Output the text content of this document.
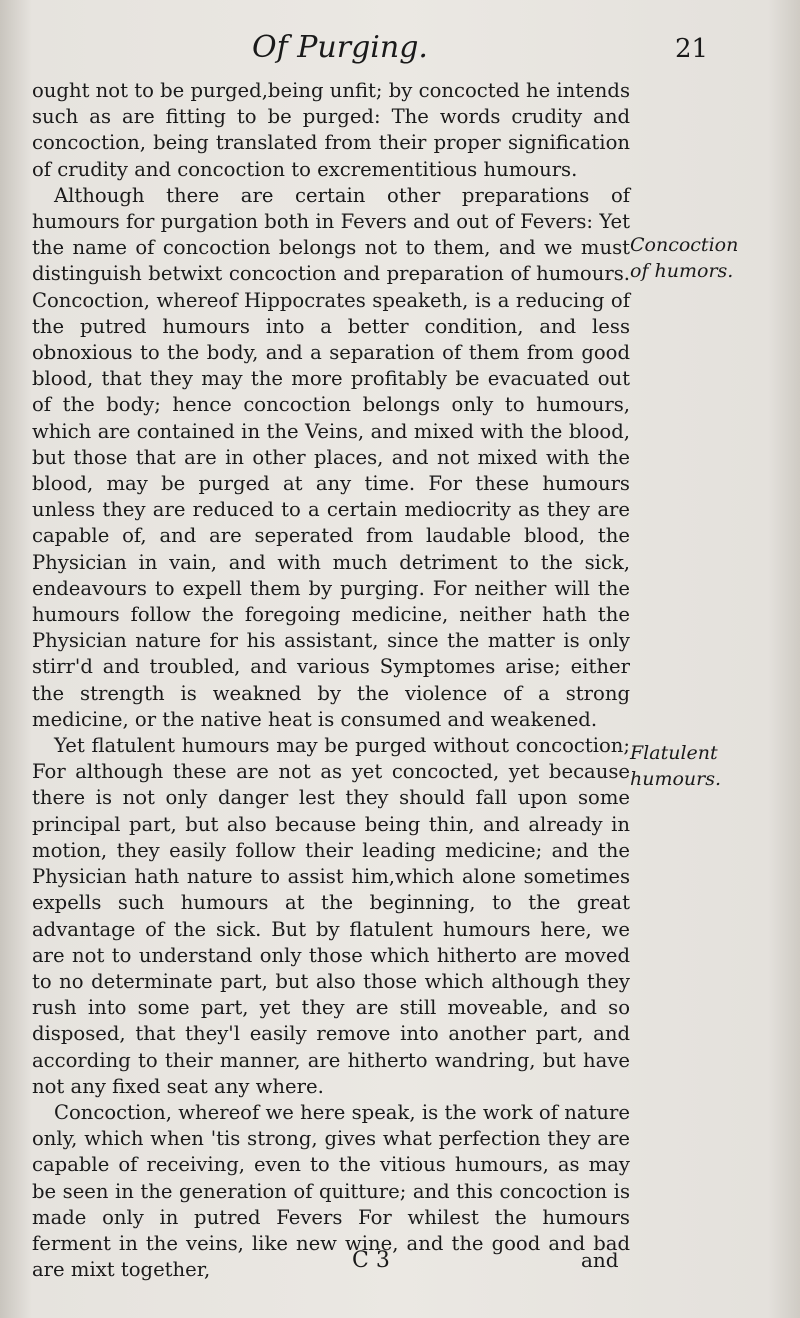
Of Purging.	21

ought not to be purged,being unfit; by concocted he intends such as are fitting to be purged: The words crudity and concoction, being translated from their proper signification of crudity and concoction to excrementitious humours.

Although there are certain other preparations of humours for purgation both in Fevers and out of Fevers: Yet the name of concoction belongs not to them, and we must distinguish betwixt concoction and preparation of humours. Concoction, whereof Hippocrates speaketh, is a reducing of the putred humours into a better condition, and less obnoxious to the body, and a separation of them from good blood, that they may the more profitably be evacuated out of the body; hence concoction belongs only to humours, which are contained in the Veins, and mixed with the blood, but those that are in other places, and not mixed with the blood, may be purged at any time. For these humours unless they are reduced to a certain mediocrity as they are capable of, and are seperated from laudable blood, the Physician in vain, and with much detriment to the sick, endeavours to expell them by purging. For neither will the humours follow the foregoing medicine, neither hath the Physician nature for his assistant, since the matter is only stirr'd and troubled, and various Symptomes arise; either the strength is weakned by the violence of a strong medicine, or the native heat is consumed and weakened.

Yet flatulent humours may be purged without concoction; For although these are not as yet concocted, yet because there is not only danger lest they should fall upon some principal part, but also because being thin, and already in motion, they easily follow their leading medicine; and the Physician hath nature to assist him,which alone sometimes expells such humours at the beginning, to the great advantage of the sick. But by flatulent humours here, we are not to understand only those which hitherto are moved to no determinate part, but also those which although they rush into some part, yet they are still moveable, and so disposed, that they'l easily remove into another part, and according to their manner, are hitherto wandring, but have not any fixed seat any where.

Concoction, whereof we here speak, is the work of nature only, which when 'tis strong, gives what perfection they are capable of receiving, even to the vitious humours, as may be seen in the generation of quitture; and this concoction is made only in putred Fevers For whilest the humours ferment in the veins, like new wine, and the good and bad are mixt together,

Concoction
of humors.
Flatulent
humours.
C 3	and
